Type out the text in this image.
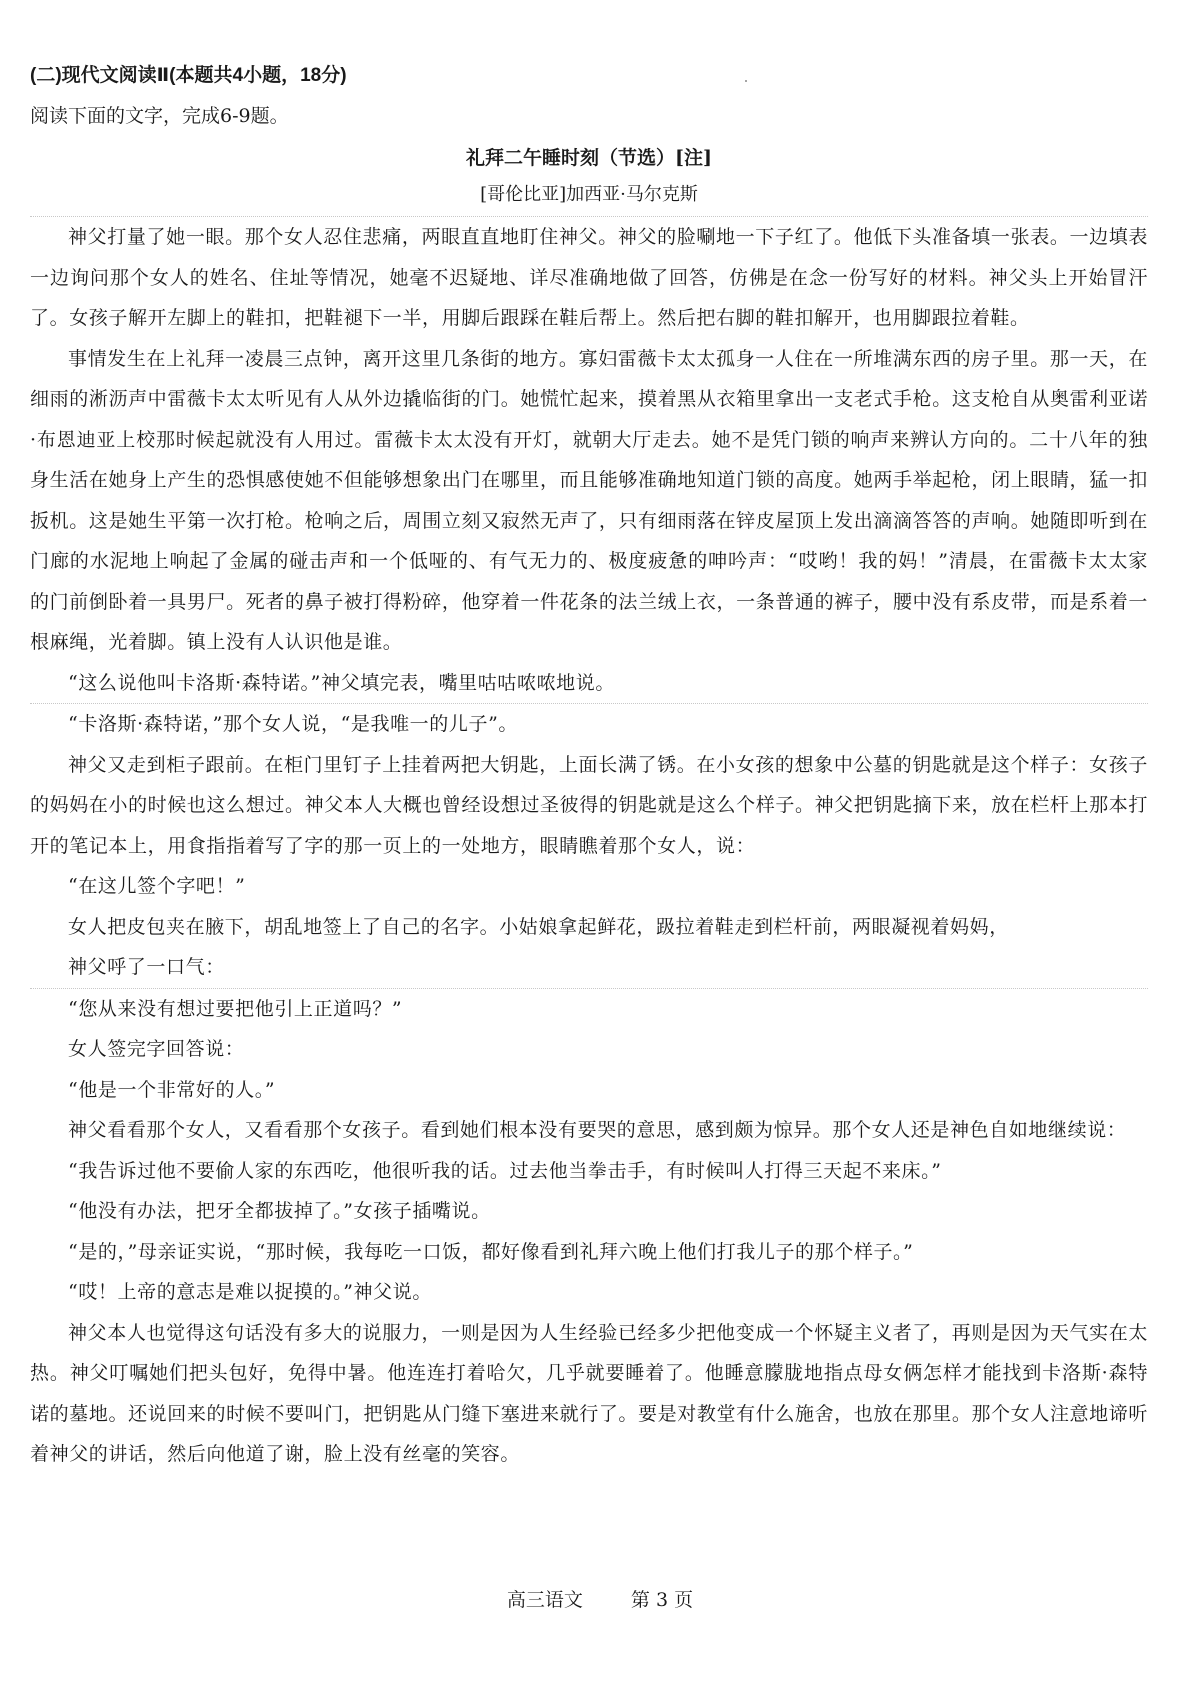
(二)现代文阅读Ⅱ(本题共4小题，18分)
阅读下面的文字，完成6-9题。
礼拜二午睡时刻（节选）[注]
[哥伦比亚]加西亚·马尔克斯

神父打量了她一眼。那个女人忍住悲痛，两眼直直地盯住神父。神父的脸唰地一下子红了。他低下头准备填一张表。一边填表一边询问那个女人的姓名、住址等情况，她毫不迟疑地、详尽准确地做了回答，仿佛是在念一份写好的材料。神父头上开始冒汗了。女孩子解开左脚上的鞋扣，把鞋褪下一半，用脚后跟踩在鞋后帮上。然后把右脚的鞋扣解开，也用脚跟拉着鞋。

事情发生在上礼拜一凌晨三点钟，离开这里几条街的地方。寡妇雷薇卡太太孤身一人住在一所堆满东西的房子里。那一天，在细雨的淅沥声中雷薇卡太太听见有人从外边撬临街的门。她慌忙起来，摸着黑从衣箱里拿出一支老式手枪。这支枪自从奥雷利亚诺·布恩迪亚上校那时候起就没有人用过。雷薇卡太太没有开灯，就朝大厅走去。她不是凭门锁的响声来辨认方向的。二十八年的独身生活在她身上产生的恐惧感使她不但能够想象出门在哪里，而且能够准确地知道门锁的高度。她两手举起枪，闭上眼睛，猛一扣扳机。这是她生平第一次打枪。枪响之后，周围立刻又寂然无声了，只有细雨落在锌皮屋顶上发出滴滴答答的声响。她随即听到在门廊的水泥地上响起了金属的碰击声和一个低哑的、有气无力的、极度疲惫的呻吟声：“哎哟！我的妈！”清晨，在雷薇卡太太家的门前倒卧着一具男尸。死者的鼻子被打得粉碎，他穿着一件花条的法兰绒上衣，一条普通的裤子，腰中没有系皮带，而是系着一根麻绳，光着脚。镇上没有人认识他是谁。

“这么说他叫卡洛斯·森特诺。”神父填完表，嘴里咕咕哝哝地说。

“卡洛斯·森特诺，”那个女人说，“是我唯一的儿子”。

神父又走到柜子跟前。在柜门里钉子上挂着两把大钥匙，上面长满了锈。在小女孩的想象中公墓的钥匙就是这个样子：女孩子的妈妈在小的时候也这么想过。神父本人大概也曾经设想过圣彼得的钥匙就是这么个样子。神父把钥匙摘下来，放在栏杆上那本打开的笔记本上，用食指指着写了字的那一页上的一处地方，眼睛瞧着那个女人，说：

“在这儿签个字吧！”

女人把皮包夹在腋下，胡乱地签上了自己的名字。小姑娘拿起鲜花，趿拉着鞋走到栏杆前，两眼凝视着妈妈，

神父呼了一口气：

“您从来没有想过要把他引上正道吗？”

女人签完字回答说：

“他是一个非常好的人。”

神父看看那个女人，又看看那个女孩子。看到她们根本没有要哭的意思，感到颇为惊异。那个女人还是神色自如地继续说：

“我告诉过他不要偷人家的东西吃，他很听我的话。过去他当拳击手，有时候叫人打得三天起不来床。”

“他没有办法，把牙全都拔掉了。”女孩子插嘴说。

“是的，”母亲证实说，“那时候，我每吃一口饭，都好像看到礼拜六晚上他们打我儿子的那个样子。”

“哎！上帝的意志是难以捉摸的。”神父说。

神父本人也觉得这句话没有多大的说服力，一则是因为人生经验已经多少把他变成一个怀疑主义者了，再则是因为天气实在太热。神父叮嘱她们把头包好，免得中暑。他连连打着哈欠，几乎就要睡着了。他睡意朦胧地指点母女俩怎样才能找到卡洛斯·森特诺的墓地。还说回来的时候不要叫门，把钥匙从门缝下塞进来就行了。要是对教堂有什么施舍，也放在那里。那个女人注意地谛听着神父的讲话，然后向他道了谢，脸上没有丝毫的笑容。

高三语文	第 3 页
